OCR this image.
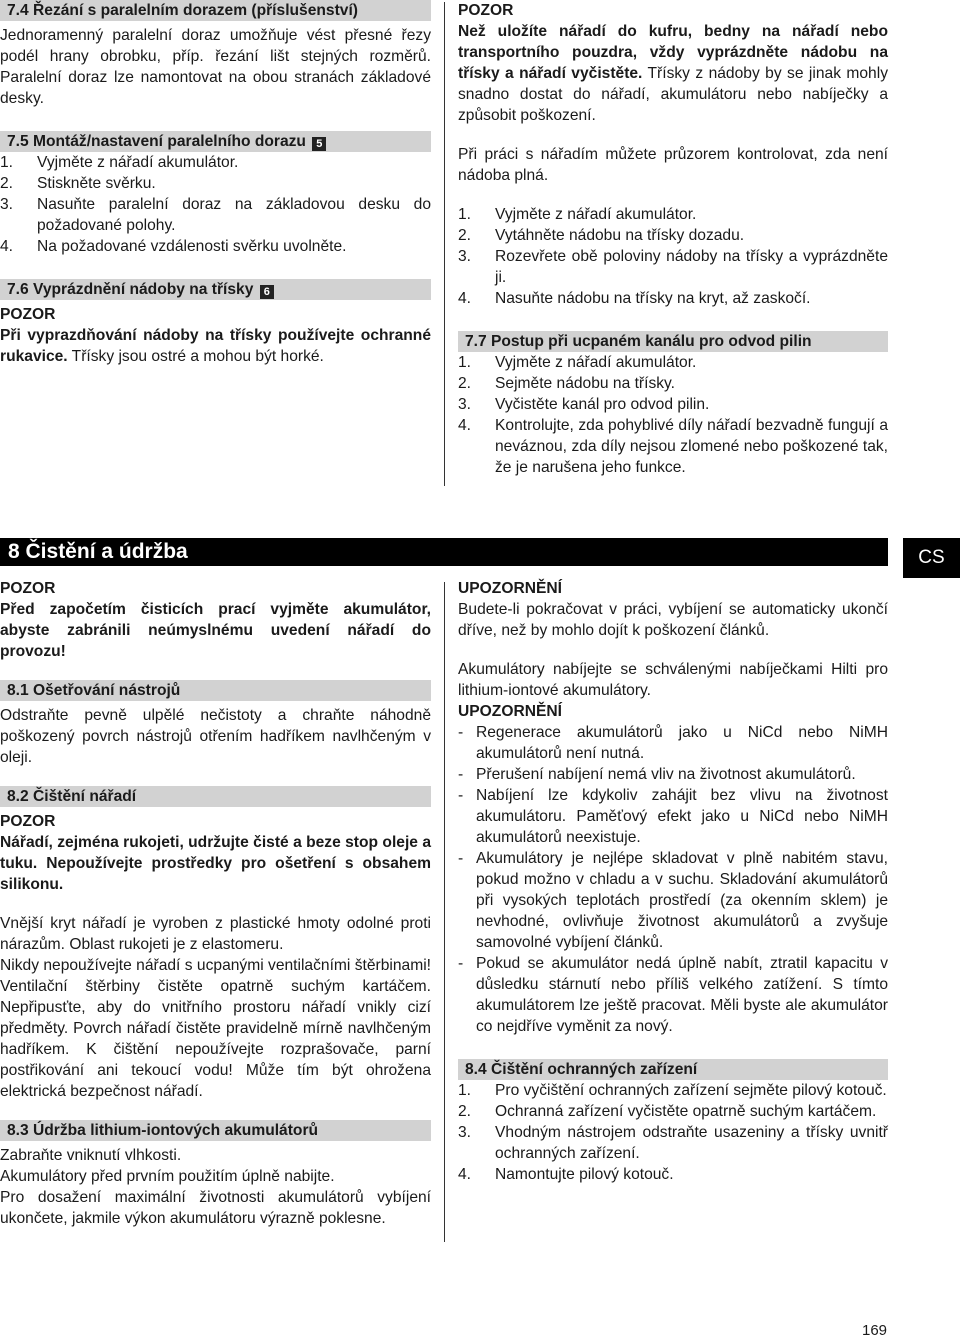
7.4 Řezání s paralelním dorazem (příslušenství)

Jednoramenný paralelní doraz umožňuje vést přesné řezy podél hrany obrobku, příp. řezání lišt stejných rozměrů. Paralelní doraz lze namontovat na obou stranách základové desky.

7.5 Montáž/nastavení paralelního dorazu 5
1.	Vyjměte z nářadí akumulátor.
2.	Stiskněte svěrku.
3.	Nasuňte paralelní doraz na základovou desku do požadované polohy.
4.	Na požadované vzdálenosti svěrku uvolněte.
7.6 Vyprázdnění nádoby na třísky 6

POZOR

Při vyprazdňování nádoby na třísky používejte ochranné rukavice. Třísky jsou ostré a mohou být horké.

POZOR

Než uložíte nářadí do kufru, bedny na nářadí nebo transportního pouzdra, vždy vyprázdněte nádobu na třísky a nářadí vyčistěte. Třísky z nádoby by se jinak mohly snadno dostat do nářadí, akumulátoru nebo nabíječky a způsobit poškození.

Při práci s nářadím můžete průzorem kontrolovat, zda není nádoba plná.

1.	Vyjměte z nářadí akumulátor.
2.	Vytáhněte nádobu na třísky dozadu.
3.	Rozevřete obě poloviny nádoby na třísky a vyprázdněte ji.
4.	Nasuňte nádobu na třísky na kryt, až zaskočí.
7.7 Postup při ucpaném kanálu pro odvod pilin
1.	Vyjměte z nářadí akumulátor.
2.	Sejměte nádobu na třísky.
3.	Vyčistěte kanál pro odvod pilin.
4.	Kontrolujte, zda pohyblivé díly nářadí bezvadně fungují a neváznou, zda díly nejsou zlomené nebo poškozené tak, že je narušena jeho funkce.
8 Čistění a údržba	CS

POZOR

Před započetím čisticích prací vyjměte akumulátor, abyste zabránili neúmyslnému uvedení nářadí do provozu!

8.1 Ošetřování nástrojů

Odstraňte pevně ulpělé nečistoty a chraňte náhodně poškozený povrch nástrojů otřením hadříkem navlhčeným v oleji.

8.2 Čištění nářadí

POZOR

Nářadí, zejména rukojeti, udržujte čisté a beze stop oleje a tuku. Nepoužívejte prostředky pro ošetření s obsahem silikonu.

Vnější kryt nářadí je vyroben z plastické hmoty odolné proti nárazům. Oblast rukojeti je z elastomeru.

Nikdy nepoužívejte nářadí s ucpanými ventilačními štěrbinami! Ventilační štěrbiny čistěte opatrně suchým kartáčem. Nepřipusťte, aby do vnitřního prostoru nářadí vnikly cizí předměty. Povrch nářadí čistěte pravidelně mírně navlhčeným hadříkem. K čištění nepoužívejte rozprašovače, parní postřikování ani tekoucí vodu! Může tím být ohrožena elektrická bezpečnost nářadí.

8.3 Údržba lithium-iontových akumulátorů

Zabraňte vniknutí vlhkosti.

Akumulátory před prvním použitím úplně nabijte.

Pro dosažení maximální životnosti akumulátorů vybíjení ukončete, jakmile výkon akumulátoru výrazně poklesne.

UPOZORNĚNÍ

Budete-li pokračovat v práci, vybíjení se automaticky ukončí dříve, než by mohlo dojít k poškození článků.

Akumulátory nabíjejte se schválenými nabíječkami Hilti pro lithium-iontové akumulátory.

UPOZORNĚNÍ

- Regenerace akumulátorů jako u NiCd nebo NiMH akumulátorů není nutná.
- Přerušení nabíjení nemá vliv na životnost akumulátorů.
- Nabíjení lze kdykoliv zahájit bez vlivu na životnost akumulátoru. Paměťový efekt jako u NiCd nebo NiMH akumulátorů neexistuje.
- Akumulátory je nejlépe skladovat v plně nabitém stavu, pokud možno v chladu a v suchu. Skladování akumulátorů při vysokých teplotách prostředí (za okenním sklem) je nevhodné, ovlivňuje životnost akumulátorů a zvyšuje samovolné vybíjení článků.
- Pokud se akumulátor nedá úplně nabít, ztratil kapacitu v důsledku stárnutí nebo příliš velkého zatížení. S tímto akumulátorem lze ještě pracovat. Měli byste ale akumulátor co nejdříve vyměnit za nový.
8.4 Čištění ochranných zařízení
1.	Pro vyčištění ochranných zařízení sejměte pilový kotouč.
2.	Ochranná zařízení vyčistěte opatrně suchým kartáčem.
3.	Vhodným nástrojem odstraňte usazeniny a třísky uvnitř ochranných zařízení.
4.	Namontujte pilový kotouč.
169
